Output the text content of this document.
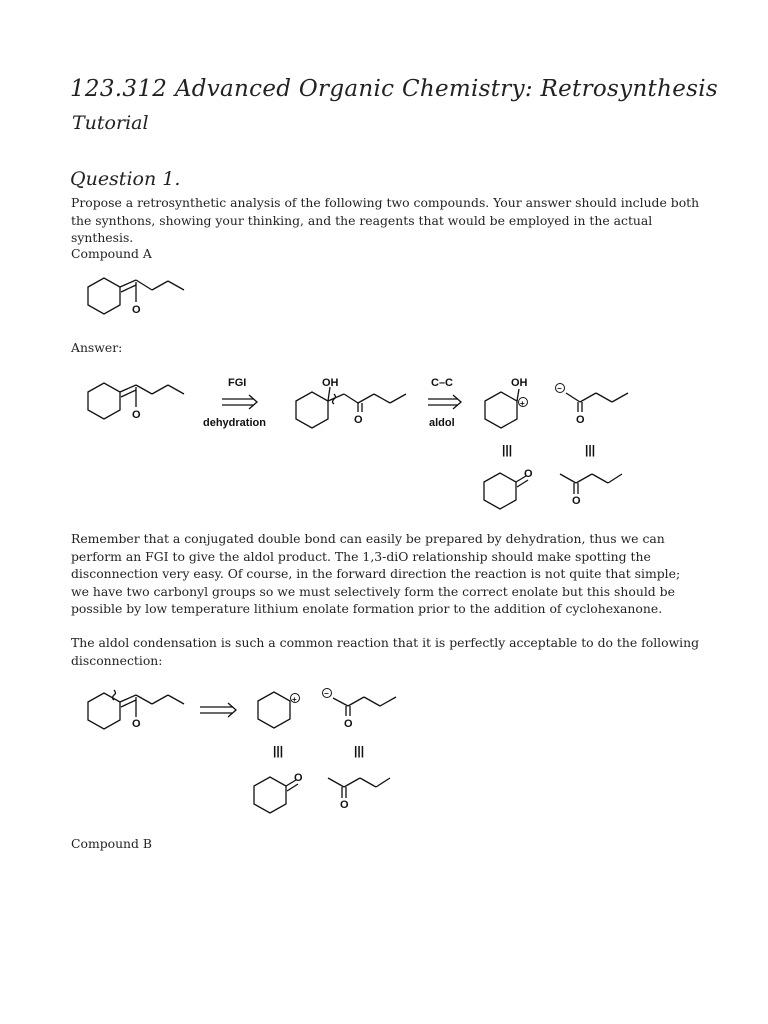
123.312 Advanced Organic Chemistry: Retrosynthesis
Tutorial
Question 1.
Propose a retrosynthetic analysis of the following two compounds. Your answer should include both the synthons, showing your thinking, and the reagents that would be employed in the actual synthesis.
Compound A
Answer:
Remember that a conjugated double bond can easily be prepared by dehydration, thus we can perform an FGI to give the aldol product. The 1,3-diO relationship should make spotting the disconnection very easy. Of course, in the forward direction the reaction is not quite that simple; we have two carbonyl groups so we must selectively form the correct enolate but this should be possible by low temperature lithium enolate formation prior to the addition of cyclohexanone.
The aldol condensation is such a common reaction that it is perfectly acceptable to do the following disconnection:
Compound B
O
O
FGI
dehydration
OH
O
C–C
aldol
OH
+
−
O
|||	|||
O
O
O
+
−
O
|||	|||
O
O
